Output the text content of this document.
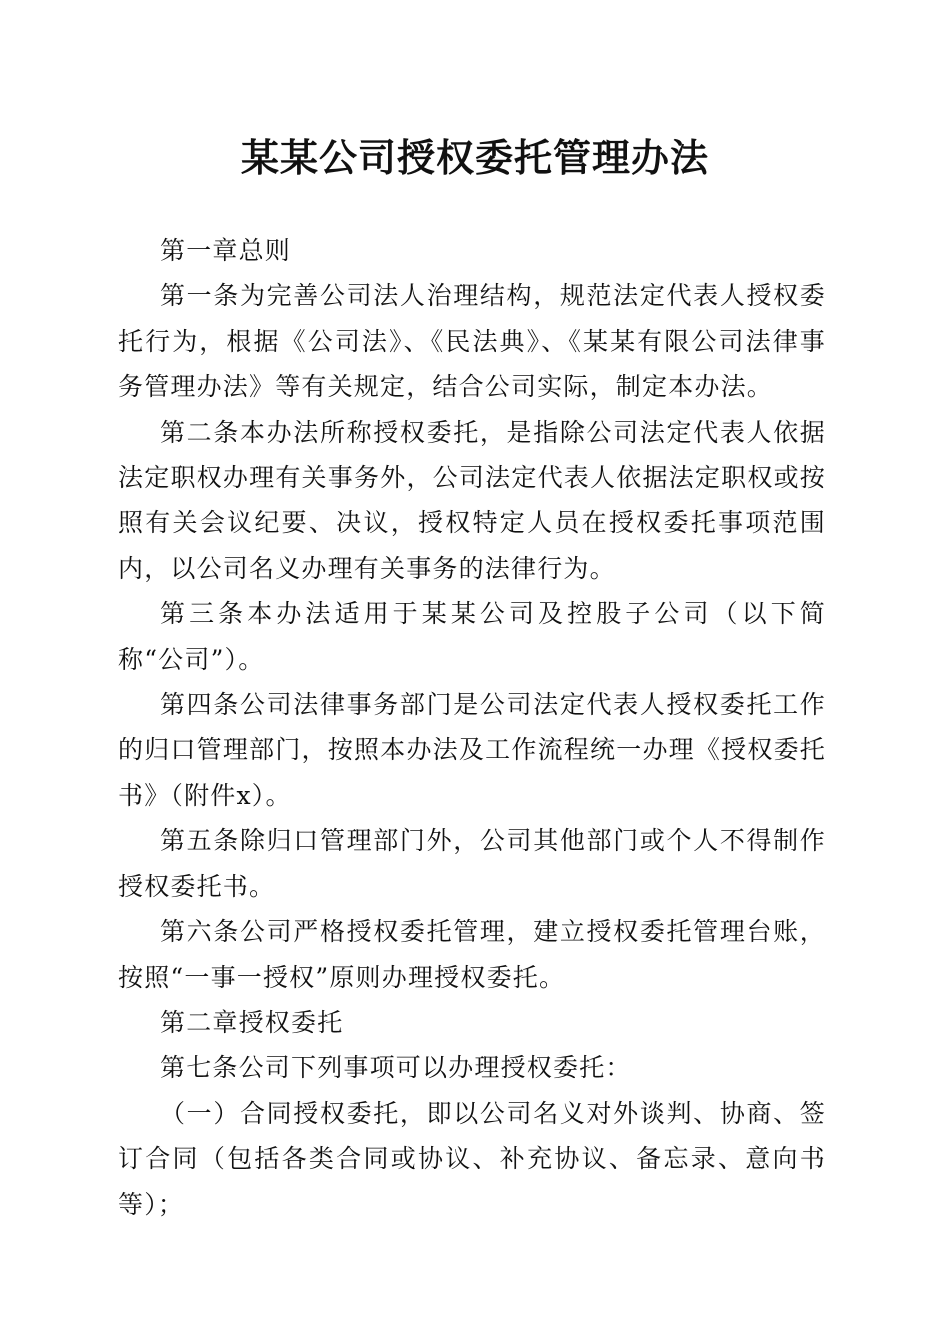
某某公司授权委托管理办法

第一章总则

第一条为完善公司法人治理结构，规范法定代表人授权委托行为，根据《公司法》、《民法典》、《某某有限公司法律事务管理办法》等有关规定，结合公司实际，制定本办法。

第二条本办法所称授权委托，是指除公司法定代表人依据法定职权办理有关事务外，公司法定代表人依据法定职权或按照有关会议纪要、决议，授权特定人员在授权委托事项范围内，以公司名义办理有关事务的法律行为。

第三条本办法适用于某某公司及控股子公司（以下简称“公司”）。

第四条公司法律事务部门是公司法定代表人授权委托工作的归口管理部门，按照本办法及工作流程统一办理《授权委托书》（附件x）。

第五条除归口管理部门外，公司其他部门或个人不得制作授权委托书。

第六条公司严格授权委托管理，建立授权委托管理台账，按照“一事一授权”原则办理授权委托。

第二章授权委托

第七条公司下列事项可以办理授权委托：

（一）合同授权委托，即以公司名义对外谈判、协商、签订合同（包括各类合同或协议、补充协议、备忘录、意向书等）；
